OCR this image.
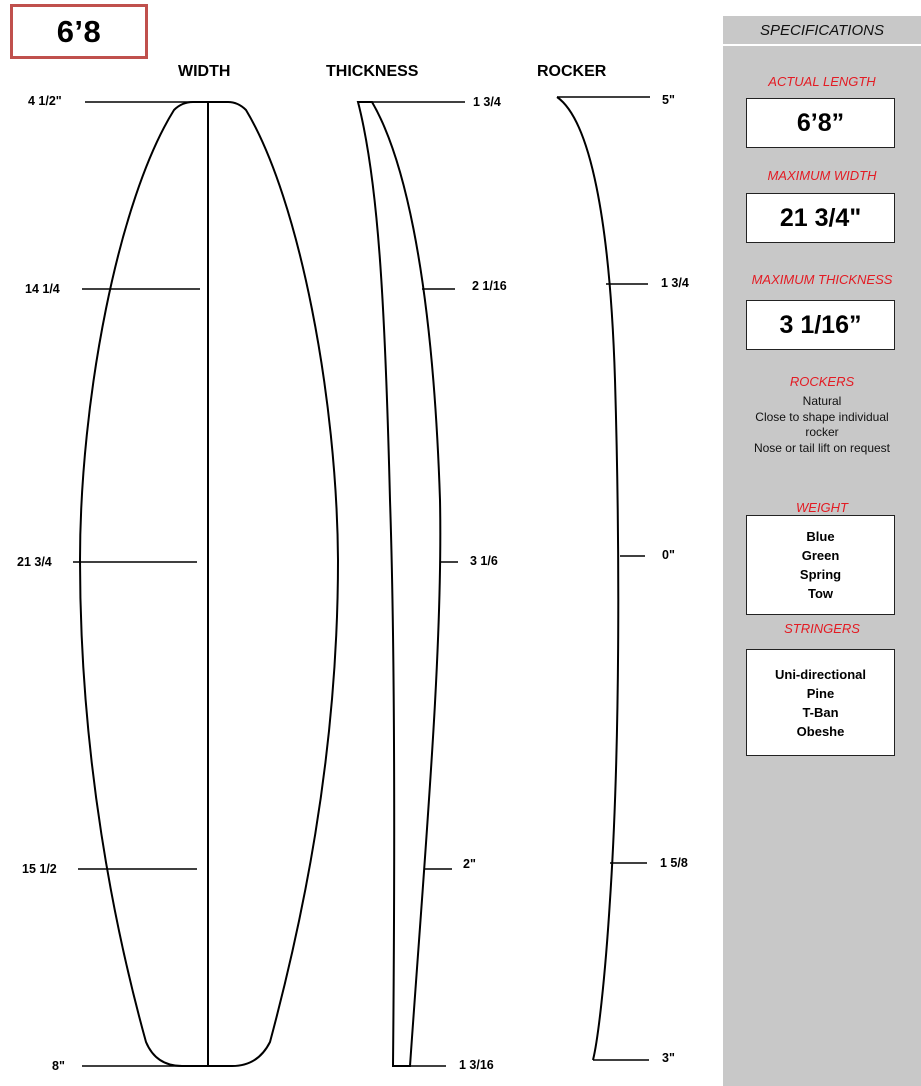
6’8
WIDTH	THICKNESS	ROCKER
4 1/2"
14 1/4
21 3/4
15 1/2
8"
1 3/4
2 1/16
3 1/6
2"
1 3/16
5"
1 3/4
0"
1 5/8
3"
SPECIFICATIONS
ACTUAL LENGTH
6’8”
MAXIMUM WIDTH
21 3/4"
MAXIMUM THICKNESS
3 1/16”
ROCKERS
Natural
Close to shape individual
rocker
Nose or tail lift on request
WEIGHT
Blue
Green
Spring
Tow
STRINGERS
Uni-directional
Pine
T-Ban
Obeshe
